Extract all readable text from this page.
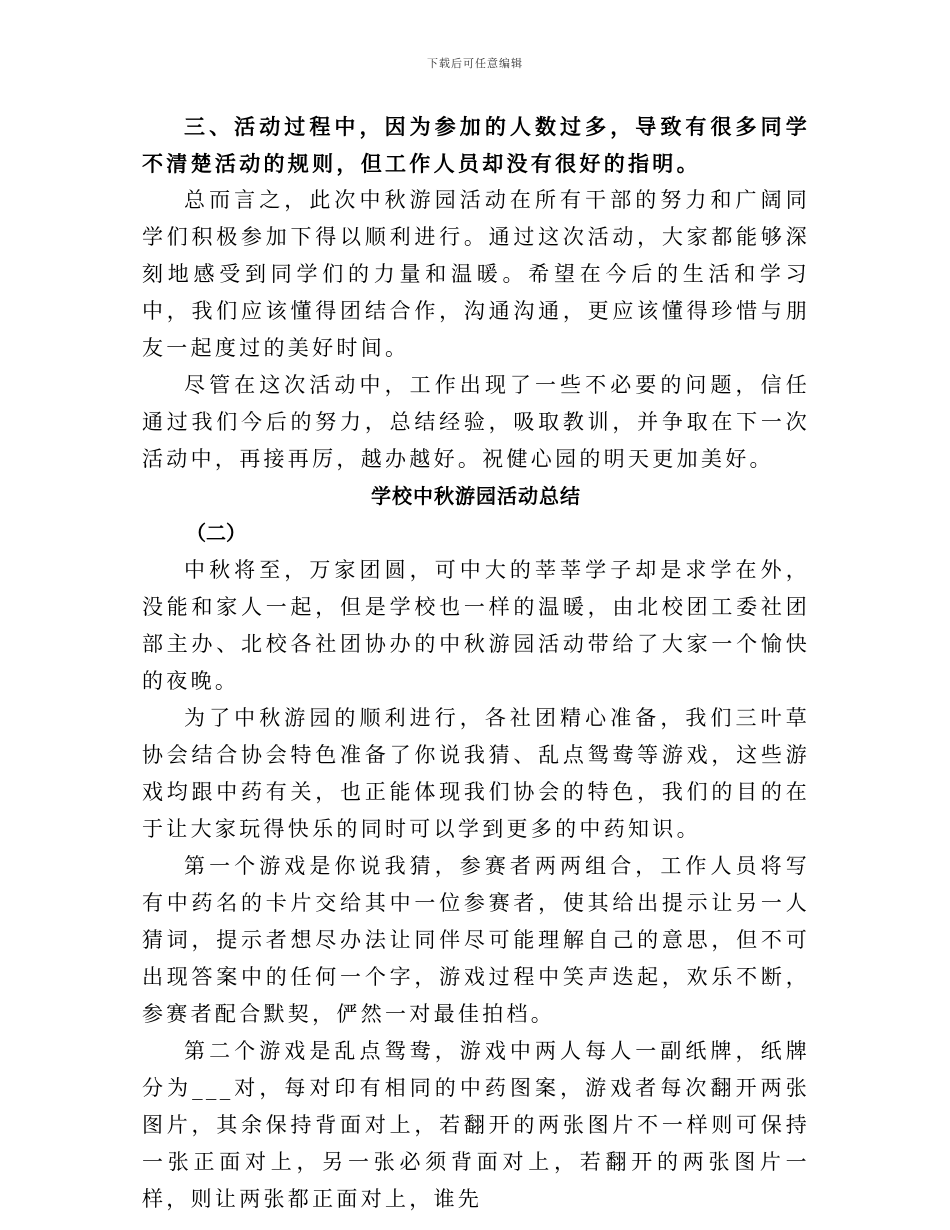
下载后可任意编辑

三、活动过程中，因为参加的人数过多，导致有很多同学不清楚活动的规则，但工作人员却没有很好的指明。

总而言之，此次中秋游园活动在所有干部的努力和广阔同学们积极参加下得以顺利进行。通过这次活动，大家都能够深刻地感受到同学们的力量和温暖。希望在今后的生活和学习中，我们应该懂得团结合作，沟通沟通，更应该懂得珍惜与朋友一起度过的美好时间。

尽管在这次活动中，工作出现了一些不必要的问题，信任通过我们今后的努力，总结经验，吸取教训，并争取在下一次活动中，再接再厉，越办越好。祝健心园的明天更加美好。

学校中秋游园活动总结

（二）

中秋将至，万家团圆，可中大的莘莘学子却是求学在外，没能和家人一起，但是学校也一样的温暖，由北校团工委社团部主办、北校各社团协办的中秋游园活动带给了大家一个愉快的夜晚。

为了中秋游园的顺利进行，各社团精心准备，我们三叶草协会结合协会特色准备了你说我猜、乱点鸳鸯等游戏，这些游戏均跟中药有关，也正能体现我们协会的特色，我们的目的在于让大家玩得快乐的同时可以学到更多的中药知识。

第一个游戏是你说我猜，参赛者两两组合，工作人员将写有中药名的卡片交给其中一位参赛者，使其给出提示让另一人猜词，提示者想尽办法让同伴尽可能理解自己的意思，但不可出现答案中的任何一个字，游戏过程中笑声迭起，欢乐不断，参赛者配合默契，俨然一对最佳拍档。

第二个游戏是乱点鸳鸯，游戏中两人每人一副纸牌，纸牌分为___对，每对印有相同的中药图案，游戏者每次翻开两张图片，其余保持背面对上，若翻开的两张图片不一样则可保持一张正面对上，另一张必须背面对上，若翻开的两张图片一样，则让两张都正面对上，谁先
